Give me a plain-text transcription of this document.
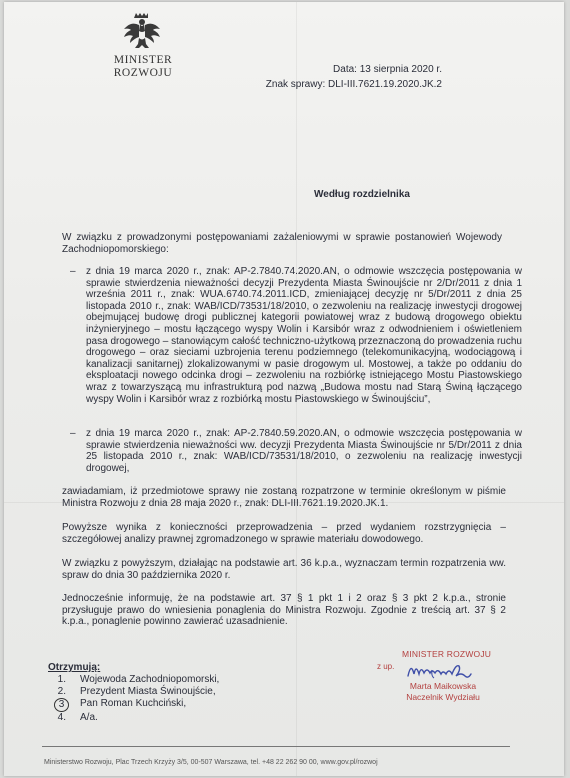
MINISTER ROZWOJU	Data: 13 sierpnia 2020 r.
Znak sprawy: DLI-III.7621.19.2020.JK.2
Według rozdzielnika
W związku z prowadzonymi postępowaniami zażaleniowymi w sprawie postanowień Wojewody Zachodniopomorskiego:
– z dnia 19 marca 2020 r., znak: AP-2.7840.74.2020.AN, o odmowie wszczęcia postępowania w sprawie stwierdzenia nieważności decyzji Prezydenta Miasta Świnoujście nr 2/Dr/2011 z dnia 1 września 2011 r., znak: WUA.6740.74.2011.ICD, zmieniającej decyzję nr 5/Dr/2011 z dnia 25 listopada 2010 r., znak: WAB/ICD/73531/18/2010, o zezwoleniu na realizację inwestycji drogowej obejmującej budowę drogi publicznej kategorii powiatowej wraz z budową drogowego obiektu inżynieryjnego – mostu łączącego wyspy Wolin i Karsibór wraz z odwodnieniem i oświetleniem pasa drogowego – stanowiącym całość techniczno-użytkową przeznaczoną do prowadzenia ruchu drogowego – oraz sieciami uzbrojenia terenu podziemnego (telekomunikacyjną, wodociągową i kanalizacji sanitarnej) zlokalizowanymi w pasie drogowym ul. Mostowej, a także po oddaniu do eksploatacji nowego odcinka drogi – zezwoleniu na rozbiórkę istniejącego Mostu Piastowskiego wraz z towarzyszącą mu infrastrukturą pod nazwą „Budowa mostu nad Starą Świną łączącego wyspy Wolin i Karsibór wraz z rozbiórką mostu Piastowskiego w Świnoujściu”,
– z dnia 19 marca 2020 r., znak: AP-2.7840.59.2020.AN, o odmowie wszczęcia postępowania w sprawie stwierdzenia nieważności ww. decyzji Prezydenta Miasta Świnoujście nr 5/Dr/2011 z dnia 25 listopada 2010 r., znak: WAB/ICD/73531/18/2010, o zezwoleniu na realizację inwestycji drogowej,
zawiadamiam, iż przedmiotowe sprawy nie zostaną rozpatrzone w terminie określonym w piśmie Ministra Rozwoju z dnia 28 maja 2020 r., znak: DLI-III.7621.19.2020.JK.1.
Powyższe wynika z konieczności przeprowadzenia – przed wydaniem rozstrzygnięcia – szczegółowej analizy prawnej zgromadzonego w sprawie materiału dowodowego.
W związku z powyższym, działając na podstawie art. 36 k.p.a., wyznaczam termin rozpatrzenia ww. spraw do dnia 30 października 2020 r.
Jednocześnie informuję, że na podstawie art. 37 § 1 pkt 1 i 2 oraz § 3 pkt 2 k.p.a., stronie przysługuje prawo do wniesienia ponaglenia do Ministra Rozwoju. Zgodnie z treścią art. 37 § 2 k.p.a., ponaglenie powinno zawierać uzasadnienie.
Otrzymują:
1.	Wojewoda Zachodniopomorski,
2.	Prezydent Miasta Świnoujście,
3	Pan Roman Kuchciński,
4.	A/a.
MINISTER ROZWOJU
z up.
Marta Maikowska
Naczelnik Wydziału
Ministerstwo Rozwoju, Plac Trzech Krzyży 3/5, 00-507 Warszawa, tel. +48 22 262 90 00, www.gov.pl/rozwoj
